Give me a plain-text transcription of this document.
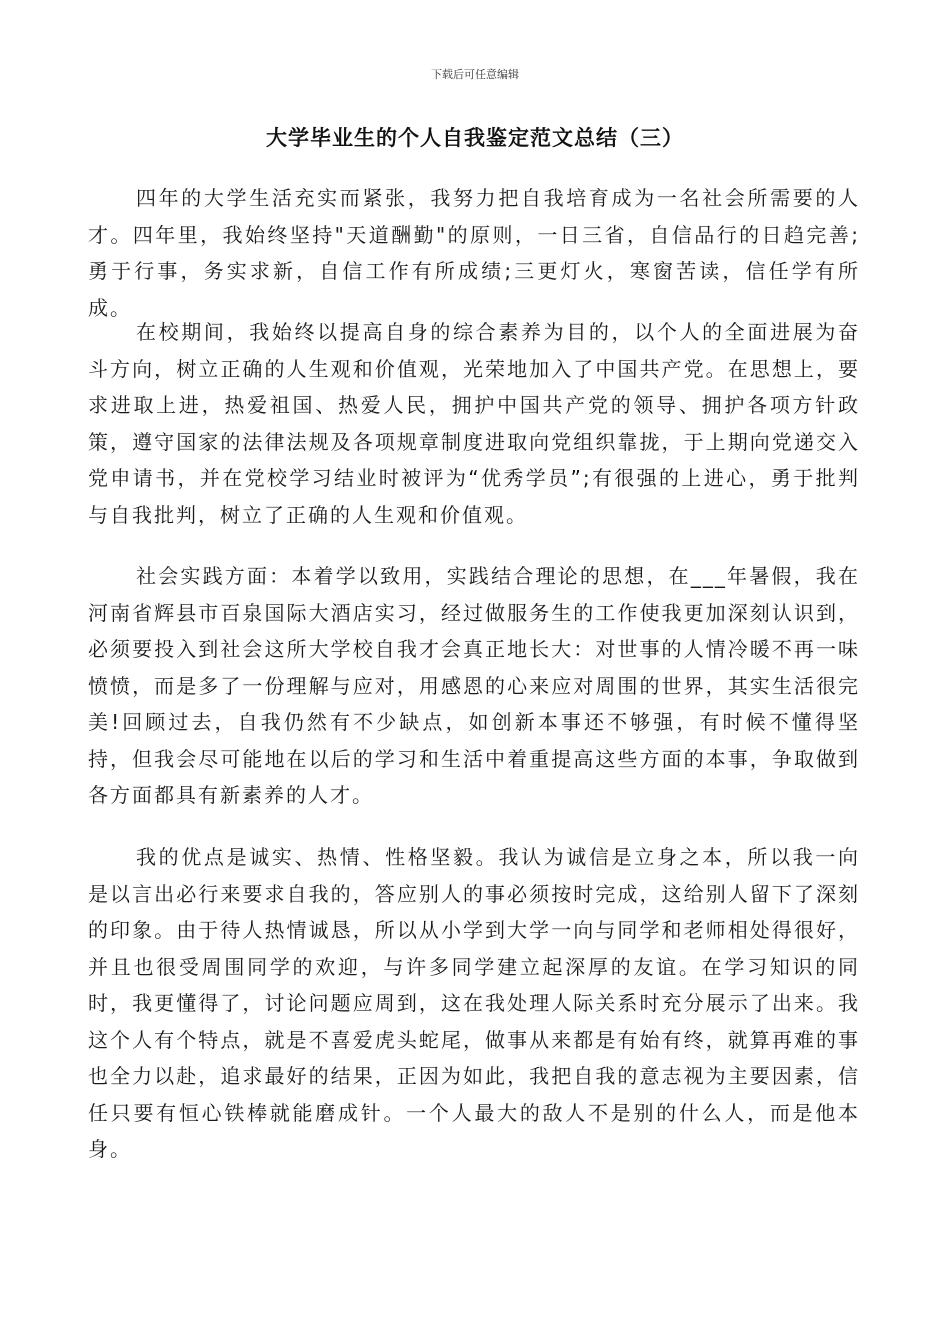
下载后可任意编辑
大学毕业生的个人自我鉴定范文总结（三）

四年的大学生活充实而紧张，我努力把自我培育成为一名社会所需要的人才。四年里，我始终坚持"天道酬勤"的原则，一日三省，自信品行的日趋完善;勇于行事，务实求新，自信工作有所成绩;三更灯火，寒窗苦读，信任学有所成。

在校期间，我始终以提高自身的综合素养为目的，以个人的全面进展为奋斗方向，树立正确的人生观和价值观，光荣地加入了中国共产党。在思想上，要求进取上进，热爱祖国、热爱人民，拥护中国共产党的领导、拥护各项方针政策，遵守国家的法律法规及各项规章制度进取向党组织靠拢，于上期向党递交入党申请书，并在党校学习结业时被评为“优秀学员”;有很强的上进心，勇于批判与自我批判，树立了正确的人生观和价值观。

社会实践方面：本着学以致用，实践结合理论的思想，在___年暑假，我在河南省辉县市百泉国际大酒店实习，经过做服务生的工作使我更加深刻认识到，必须要投入到社会这所大学校自我才会真正地长大：对世事的人情冷暖不再一味愤愤，而是多了一份理解与应对，用感恩的心来应对周围的世界，其实生活很完美!回顾过去，自我仍然有不少缺点，如创新本事还不够强，有时候不懂得坚持，但我会尽可能地在以后的学习和生活中着重提高这些方面的本事，争取做到各方面都具有新素养的人才。

我的优点是诚实、热情、性格坚毅。我认为诚信是立身之本，所以我一向是以言出必行来要求自我的，答应别人的事必须按时完成，这给别人留下了深刻的印象。由于待人热情诚恳，所以从小学到大学一向与同学和老师相处得很好，并且也很受周围同学的欢迎，与许多同学建立起深厚的友谊。在学习知识的同时，我更懂得了，讨论问题应周到，这在我处理人际关系时充分展示了出来。我这个人有个特点，就是不喜爱虎头蛇尾，做事从来都是有始有终，就算再难的事也全力以赴，追求最好的结果，正因为如此，我把自我的意志视为主要因素，信任只要有恒心铁棒就能磨成针。一个人最大的敌人不是别的什么人，而是他本身。
